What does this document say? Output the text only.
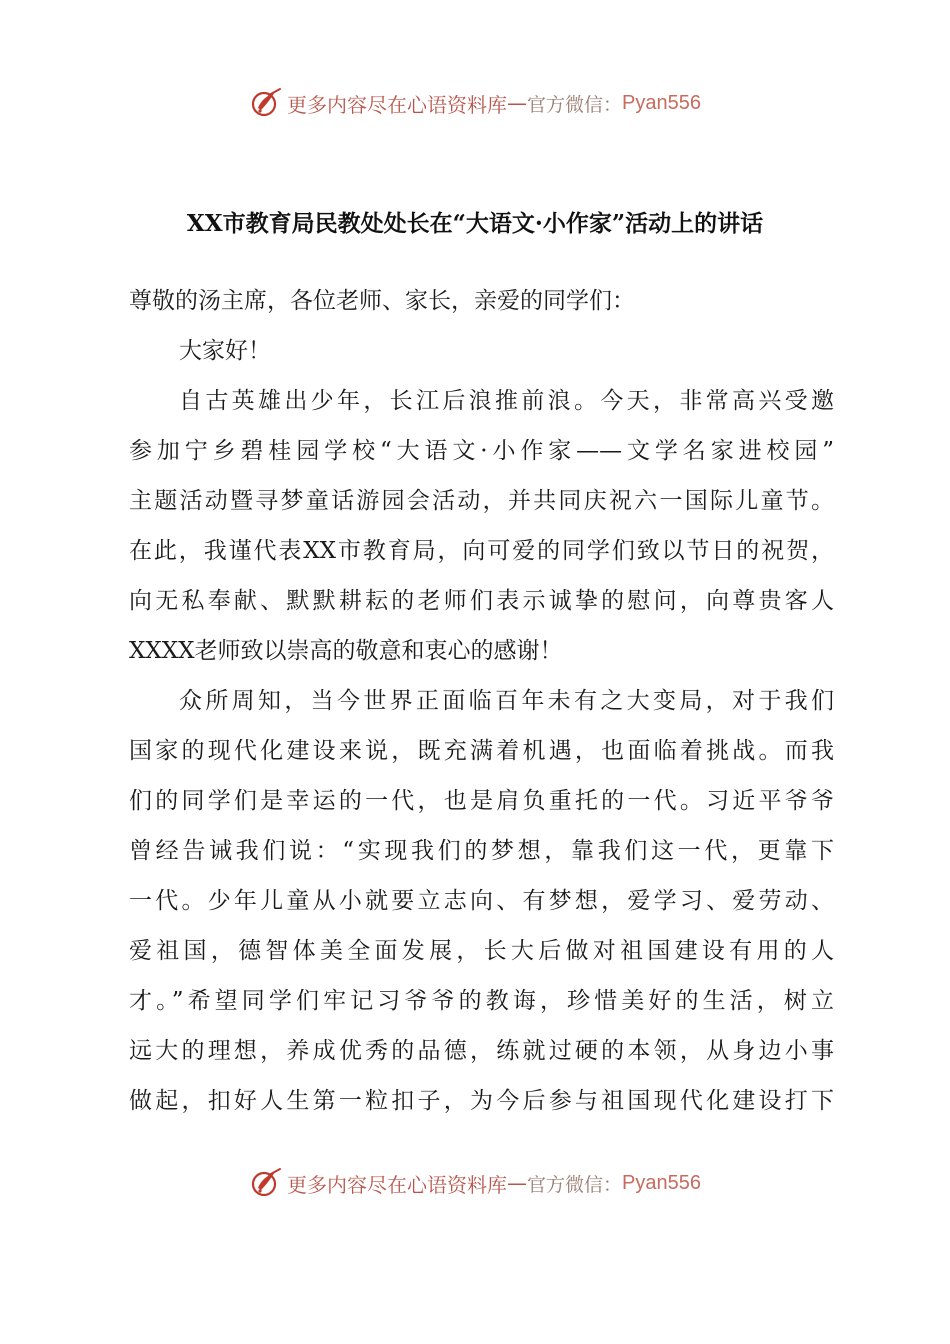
更多内容尽在心语资料库 — 官方微信： Pyan556
XX市教育局民教处处长在“大语文·小作家”活动上的讲话

尊敬的汤主席，各位老师、家长，亲爱的同学们：

大家好！

自古英雄出少年，长江后浪推前浪。今天，非常高兴受邀
参加宁乡碧桂园学校“大语文·小作家——文学名家进校园”
主题活动暨寻梦童话游园会活动，并共同庆祝六一国际儿童节。
在此，我谨代表XX市教育局，向可爱的同学们致以节日的祝贺，
向无私奉献、默默耕耘的老师们表示诚挚的慰问，向尊贵客人
XXXX老师致以崇高的敬意和衷心的感谢！

众所周知，当今世界正面临百年未有之大变局，对于我们
国家的现代化建设来说，既充满着机遇，也面临着挑战。而我
们的同学们是幸运的一代，也是肩负重托的一代。习近平爷爷
曾经告诫我们说：“实现我们的梦想，靠我们这一代，更靠下
一代。少年儿童从小就要立志向、有梦想，爱学习、爱劳动、
爱祖国，德智体美全面发展，长大后做对祖国建设有用的人
才。”希望同学们牢记习爷爷的教诲，珍惜美好的生活，树立
远大的理想，养成优秀的品德，练就过硬的本领，从身边小事
做起，扣好人生第一粒扣子，为今后参与祖国现代化建设打下

更多内容尽在心语资料库 — 官方微信： Pyan556
